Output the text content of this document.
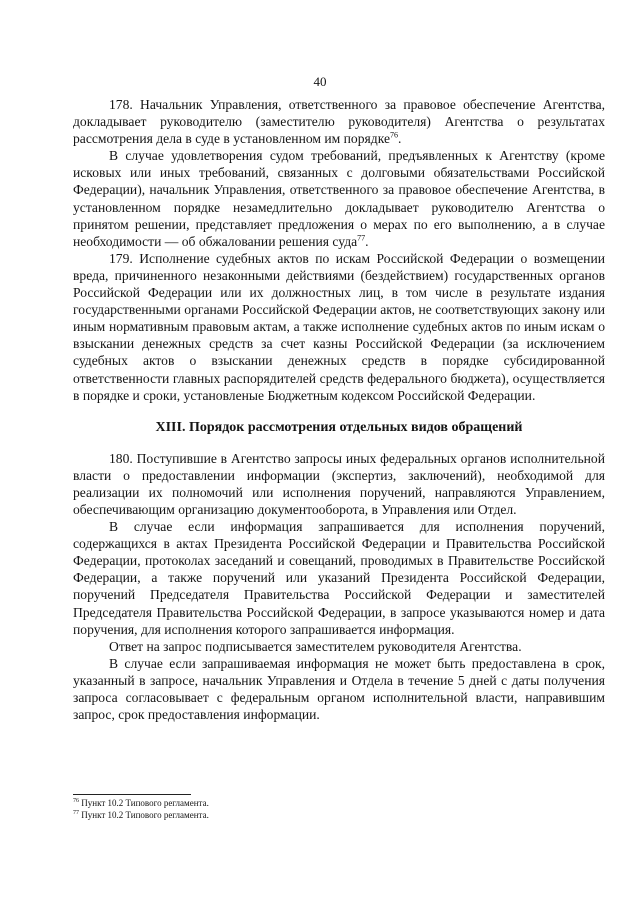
40

178. Начальник Управления, ответственного за правовое обеспечение Агентства, докладывает руководителю (заместителю руководителя) Агентства о результатах рассмотрения дела в суде в установленном им порядке$^{76}$.

В случае удовлетворения судом требований, предъявленных к Агентству (кроме исковых или иных требований, связанных с долговыми обязательствами Российской Федерации), начальник Управления, ответственного за правовое обеспечение Агентства, в установленном порядке незамедлительно докладывает руководителю Агентства о принятом решении, представляет предложения о мерах по его выполнению, а в случае необходимости — об обжаловании решения суда$^{77}$.

179. Исполнение судебных актов по искам Российской Федерации о возмещении вреда, причиненного незаконными действиями (бездействием) государственных органов Российской Федерации или их должностных лиц, в том числе в результате издания государственными органами Российской Федерации актов, не соответствующих закону или иным нормативным правовым актам, а также исполнение судебных актов по иным искам о взыскании денежных средств за счет казны Российской Федерации (за исключением судебных актов о взыскании денежных средств в порядке субсидированной ответственности главных распорядителей средств федерального бюджета), осуществляется в порядке и сроки, установленые Бюджетным кодексом Российской Федерации.

XIII. Порядок рассмотрения отдельных видов обращений

180. Поступившие в Агентство запросы иных федеральных органов исполнительной власти о предоставлении информации (экспертиз, заключений), необходимой для реализации их полномочий или исполнения поручений, направляются Управлением, обеспечивающим организацию документооборота, в Управления или Отдел.

В случае если информация запрашивается для исполнения поручений, содержащихся в актах Президента Российской Федерации и Правительства Российской Федерации, протоколах заседаний и совещаний, проводимых в Правительстве Российской Федерации, а также поручений или указаний Президента Российской Федерации, поручений Председателя Правительства Российской Федерации и заместителей Председателя Правительства Российской Федерации, в запросе указываются номер и дата поручения, для исполнения которого запрашивается информация.

Ответ на запрос подписывается заместителем руководителя Агентства.

В случае если запрашиваемая информация не может быть предоставлена в срок, указанный в запросе, начальник Управления и Отдела в течение 5 дней с даты получения запроса согласовывает с федеральным органом исполнительной власти, направившим запрос, срок предоставления информации.

$^{76}$ Пункт 10.2 Типового регламента.

$^{77}$ Пункт 10.2 Типового регламента.
